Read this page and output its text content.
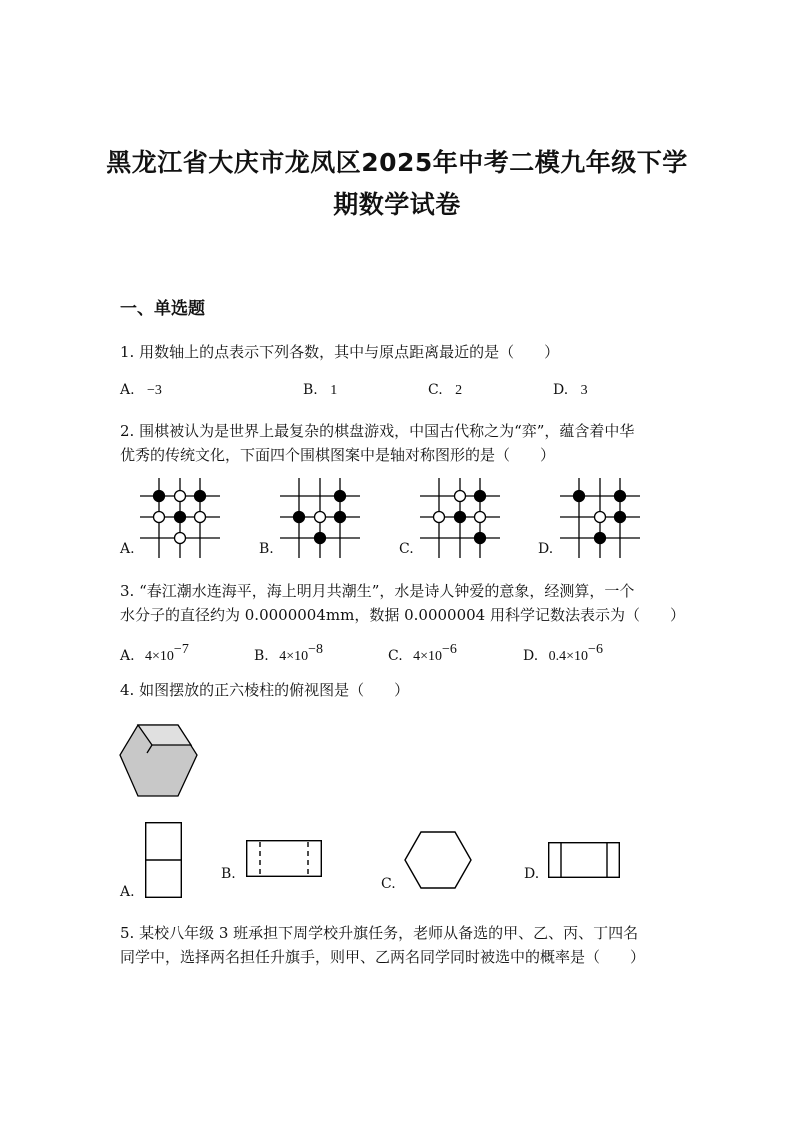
黑龙江省大庆市龙凤区2025年中考二模九年级下学
期数学试卷
一、单选题
1. 用数轴上的点表示下列各数，其中与原点距离最近的是（　　）
A. −3	B. 1	C. 2	D. 3
2. 围棋被认为是世界上最复杂的棋盘游戏，中国古代称之为“弈”，蕴含着中华
优秀的传统文化，下面四个围棋图案中是轴对称图形的是（　　）
A.	B.	C.	D.
3. “春江潮水连海平，海上明月共潮生”，水是诗人钟爱的意象，经测算，一个
水分子的直径约为 0.0000004mm，数据 0.0000004 用科学记数法表示为（　　）
A. $4\times 10^{-7}$	B. $4\times 10^{-8}$	C. $4\times 10^{-6}$	D. $0.4\times 10^{-6}$
4. 如图摆放的正六棱柱的俯视图是（　　）
A.
B.
C.
D.
5. 某校八年级 3 班承担下周学校升旗任务，老师从备选的甲、乙、丙、丁四名
同学中，选择两名担任升旗手，则甲、乙两名同学同时被选中的概率是（　　）
